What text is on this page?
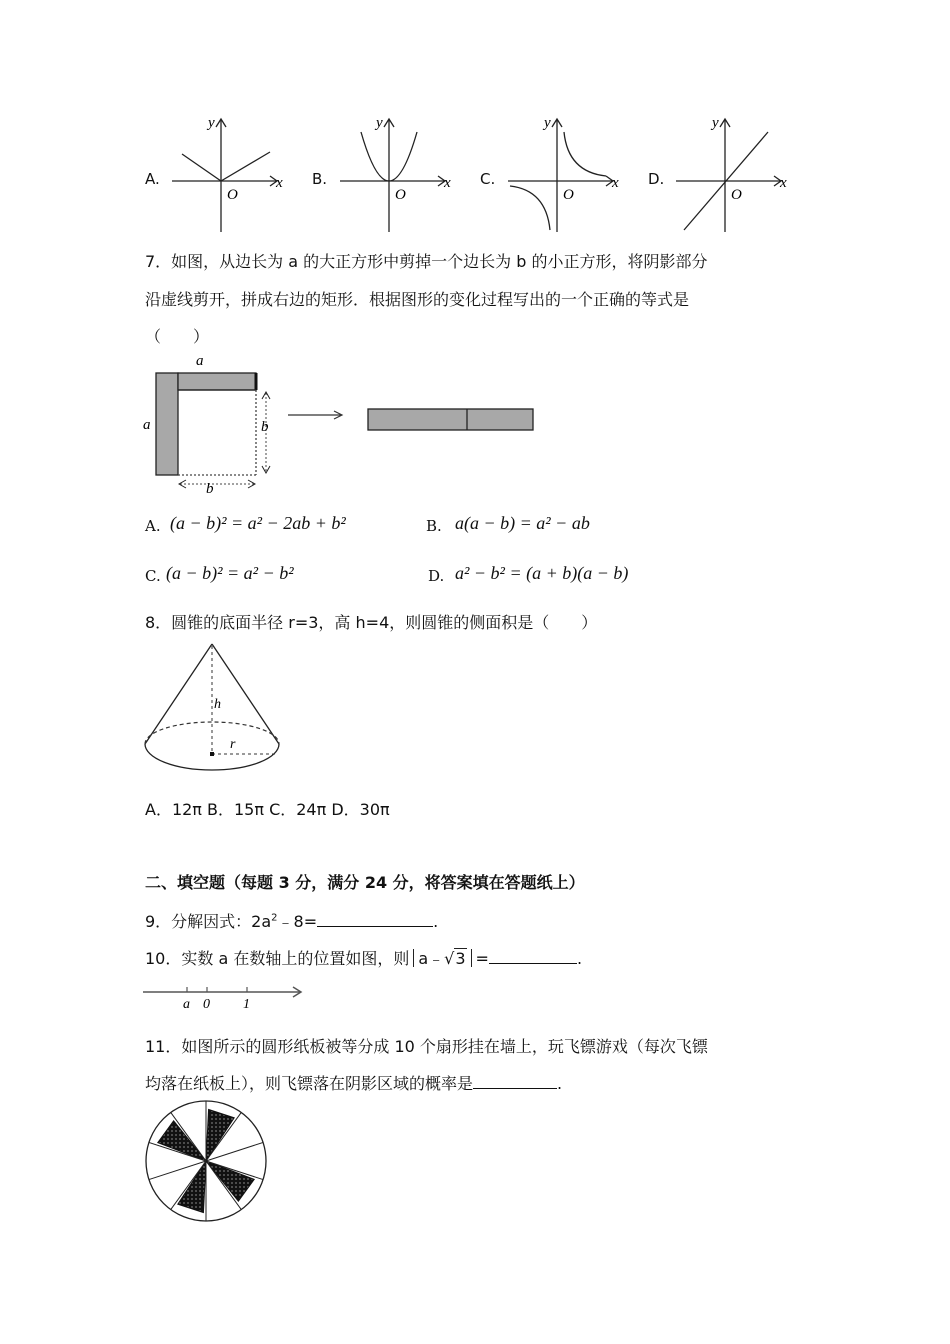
A.	B.	C.	D.
y
x
O
y
x
O
y
x
O
y
x
O
7．如图，从边长为 a 的大正方形中剪掉一个边长为 b 的小正方形，将阴影部分
沿虚线剪开，拼成右边的矩形．根据图形的变化过程写出的一个正确的等式是
（　　）
a
a	b
b
A. (a − b)² = a² − 2ab + b²	B. a(a − b) = a² − ab
C. (a − b)² = a² − b²	D. a² − b² = (a + b)(a − b)
8．圆锥的底面半径 r=3，高 h=4，则圆锥的侧面积是（　　）
h
r
A．12π B．15π C．24π D．30π
二、填空题（每题 3 分，满分 24 分，将答案填在答题纸上）
9．分解因式：$2a^2﹣8=$	.
10．实数 a 在数轴上的位置如图，则 a﹣√3 =	.
a 0 1
11．如图所示的圆形纸板被等分成 10 个扇形挂在墙上，玩飞镖游戏（每次飞镖
均落在纸板上），则飞镖落在阴影区域的概率是	.
